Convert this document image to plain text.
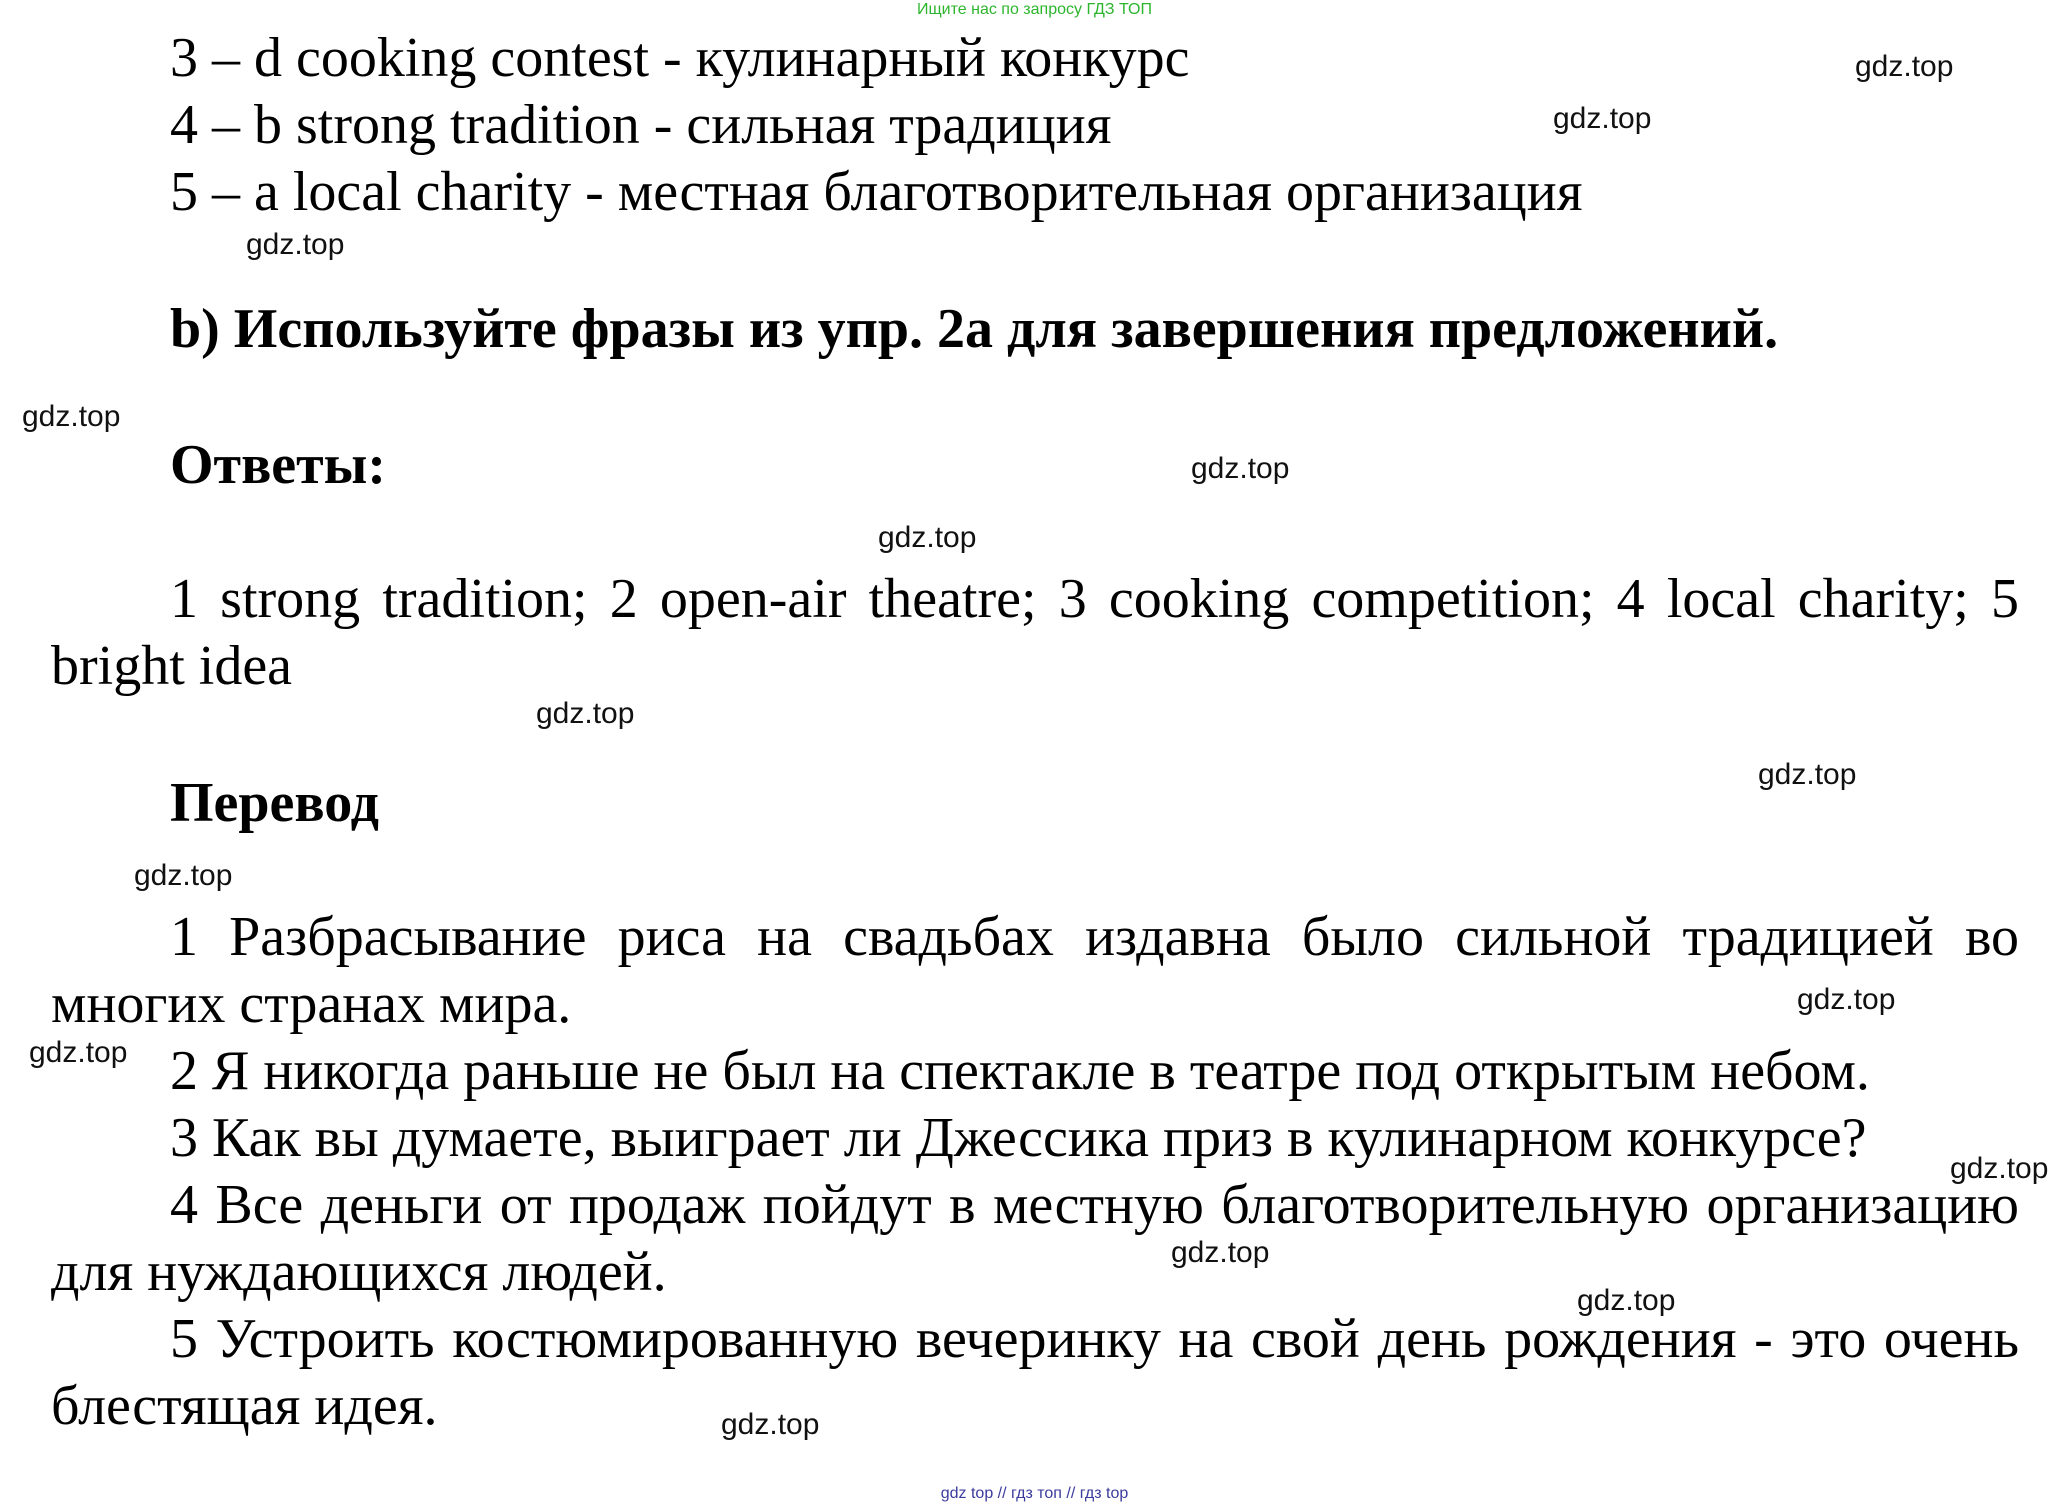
Ищите нас по запросу ГДЗ ТОП
3 – d cooking contest - кулинарный конкурс
4 – b strong tradition - сильная традиция
5 – a local charity - местная благотворительная организация
b) Используйте фразы из упр. 2a для завершения предложений.
Ответы:
1 strong tradition; 2 open-air theatre; 3 cooking competition; 4 local charity; 5 bright idea
Перевод
1 Разбрасывание риса на свадьбах издавна было сильной традицией во многих странах мира.
2 Я никогда раньше не был на спектакле в театре под открытым небом.
3 Как вы думаете, выиграет ли Джессика приз в кулинарном конкурсе?
4 Все деньги от продаж пойдут в местную благотворительную организацию для нуждающихся людей.
5 Устроить костюмированную вечеринку на свой день рождения - это очень блестящая идея.
gdz.top
gdz.top
gdz.top
gdz.top
gdz.top
gdz.top
gdz.top
gdz.top
gdz.top
gdz.top
gdz.top
gdz.top
gdz.top
gdz.top
gdz.top
gdz top // гдз топ // гдз top
